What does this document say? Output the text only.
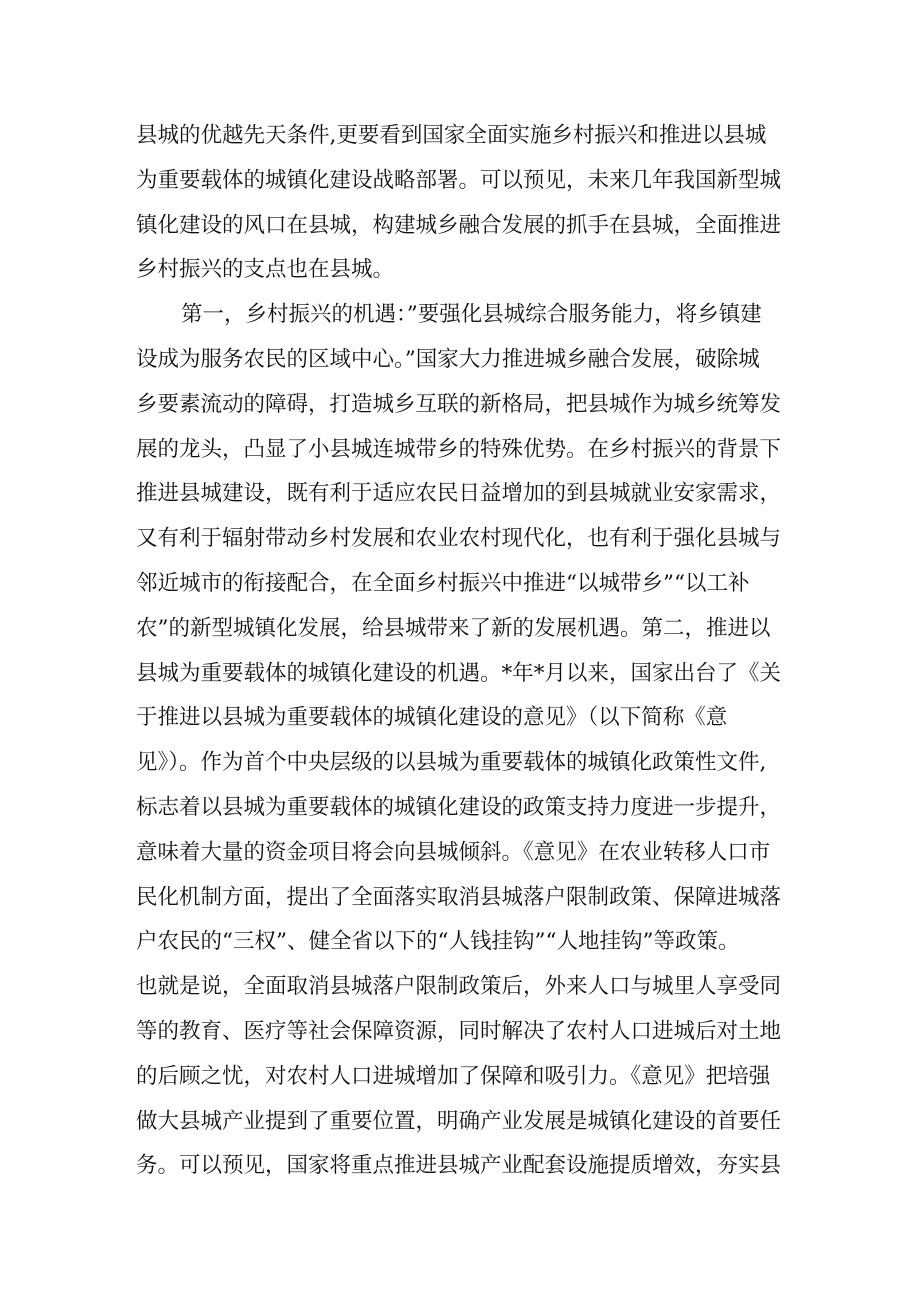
县城的优越先天条件,更要看到国家全面实施乡村振兴和推进以县城
为重要载体的城镇化建设战略部署。可以预见，未来几年我国新型城
镇化建设的风口在县城，构建城乡融合发展的抓手在县城，全面推进
乡村振兴的支点也在县城。
第一，乡村振兴的机遇：”要强化县城综合服务能力，将乡镇建
设成为服务农民的区域中心。”国家大力推进城乡融合发展，破除城
乡要素流动的障碍，打造城乡互联的新格局，把县城作为城乡统筹发
展的龙头，凸显了小县城连城带乡的特殊优势。在乡村振兴的背景下
推进县城建设，既有利于适应农民日益增加的到县城就业安家需求，
又有利于辐射带动乡村发展和农业农村现代化，也有利于强化县城与
邻近城市的衔接配合，在全面乡村振兴中推进“以城带乡”“以工补
农”的新型城镇化发展，给县城带来了新的发展机遇。第二，推进以
县城为重要载体的城镇化建设的机遇。*年*月以来，国家出台了《关
于推进以县城为重要载体的城镇化建设的意见》（以下简称《意
见》）。作为首个中央层级的以县城为重要载体的城镇化政策性文件,
标志着以县城为重要载体的城镇化建设的政策支持力度进一步提升，
意味着大量的资金项目将会向县城倾斜。《意见》在农业转移人口市
民化机制方面，提出了全面落实取消县城落户限制政策、保障进城落
户农民的“三权”、健全省以下的“人钱挂钩”“人地挂钩”等政策。
也就是说，全面取消县城落户限制政策后，外来人口与城里人享受同
等的教育、医疗等社会保障资源，同时解决了农村人口进城后对土地
的后顾之忧，对农村人口进城增加了保障和吸引力。《意见》把培强
做大县城产业提到了重要位置，明确产业发展是城镇化建设的首要任
务。可以预见，国家将重点推进县城产业配套设施提质增效，夯实县
